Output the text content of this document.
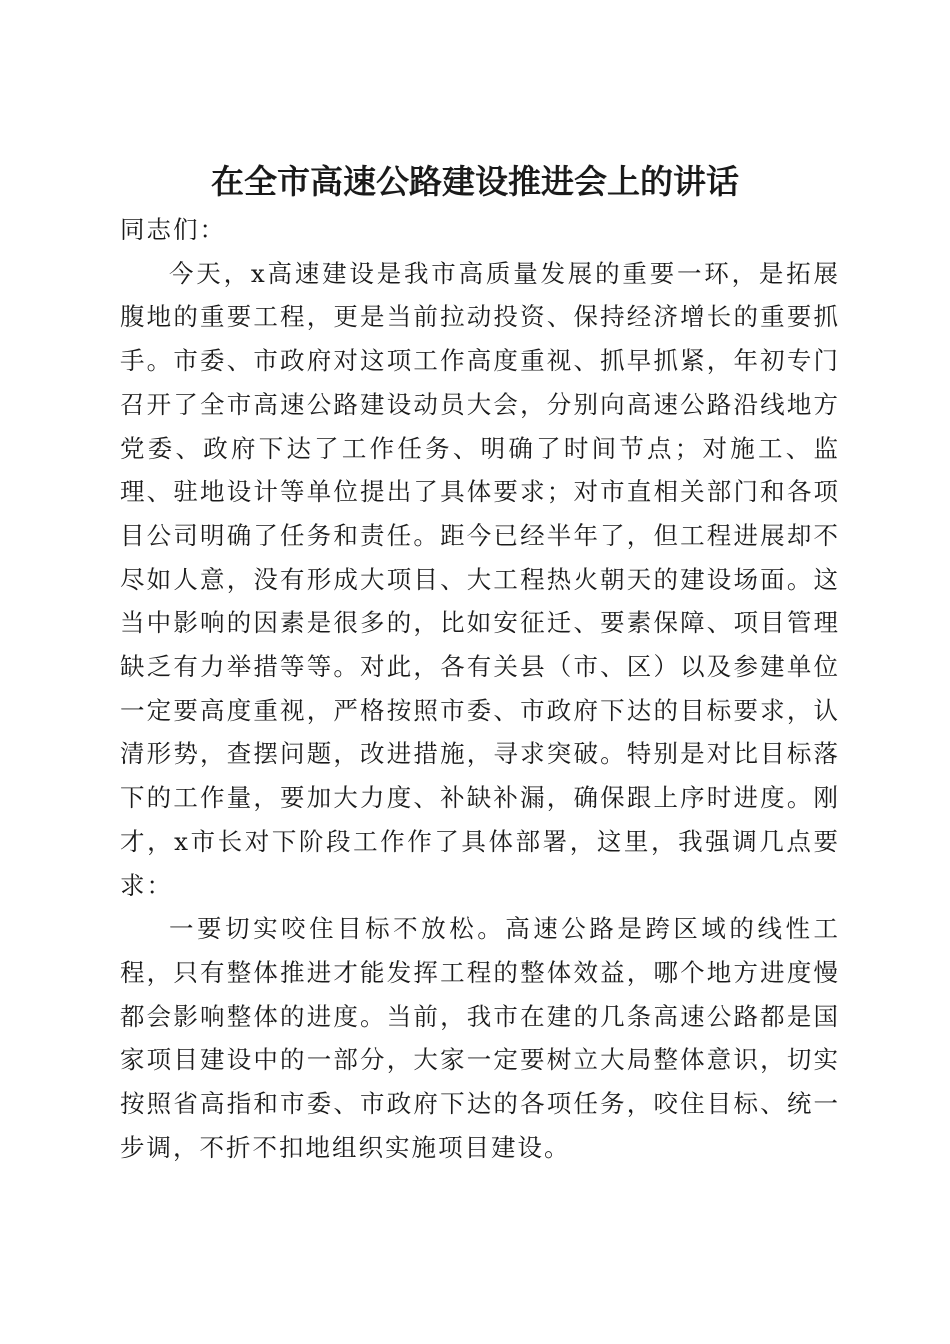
在全市高速公路建设推进会上的讲话

同志们：

今天，x高速建设是我市高质量发展的重要一环，是拓展腹地的重要工程，更是当前拉动投资、保持经济增长的重要抓手。市委、市政府对这项工作高度重视、抓早抓紧，年初专门召开了全市高速公路建设动员大会，分别向高速公路沿线地方党委、政府下达了工作任务、明确了时间节点；对施工、监理、驻地设计等单位提出了具体要求；对市直相关部门和各项目公司明确了任务和责任。距今已经半年了，但工程进展却不尽如人意，没有形成大项目、大工程热火朝天的建设场面。这当中影响的因素是很多的，比如安征迁、要素保障、项目管理缺乏有力举措等等。对此，各有关县（市、区）以及参建单位一定要高度重视，严格按照市委、市政府下达的目标要求，认清形势，查摆问题，改进措施，寻求突破。特别是对比目标落下的工作量，要加大力度、补缺补漏，确保跟上序时进度。刚才，x市长对下阶段工作作了具体部署，这里，我强调几点要求：

一要切实咬住目标不放松。高速公路是跨区域的线性工程，只有整体推进才能发挥工程的整体效益，哪个地方进度慢都会影响整体的进度。当前，我市在建的几条高速公路都是国家项目建设中的一部分，大家一定要树立大局整体意识，切实按照省高指和市委、市政府下达的各项任务，咬住目标、统一步调，不折不扣地组织实施项目建设。
